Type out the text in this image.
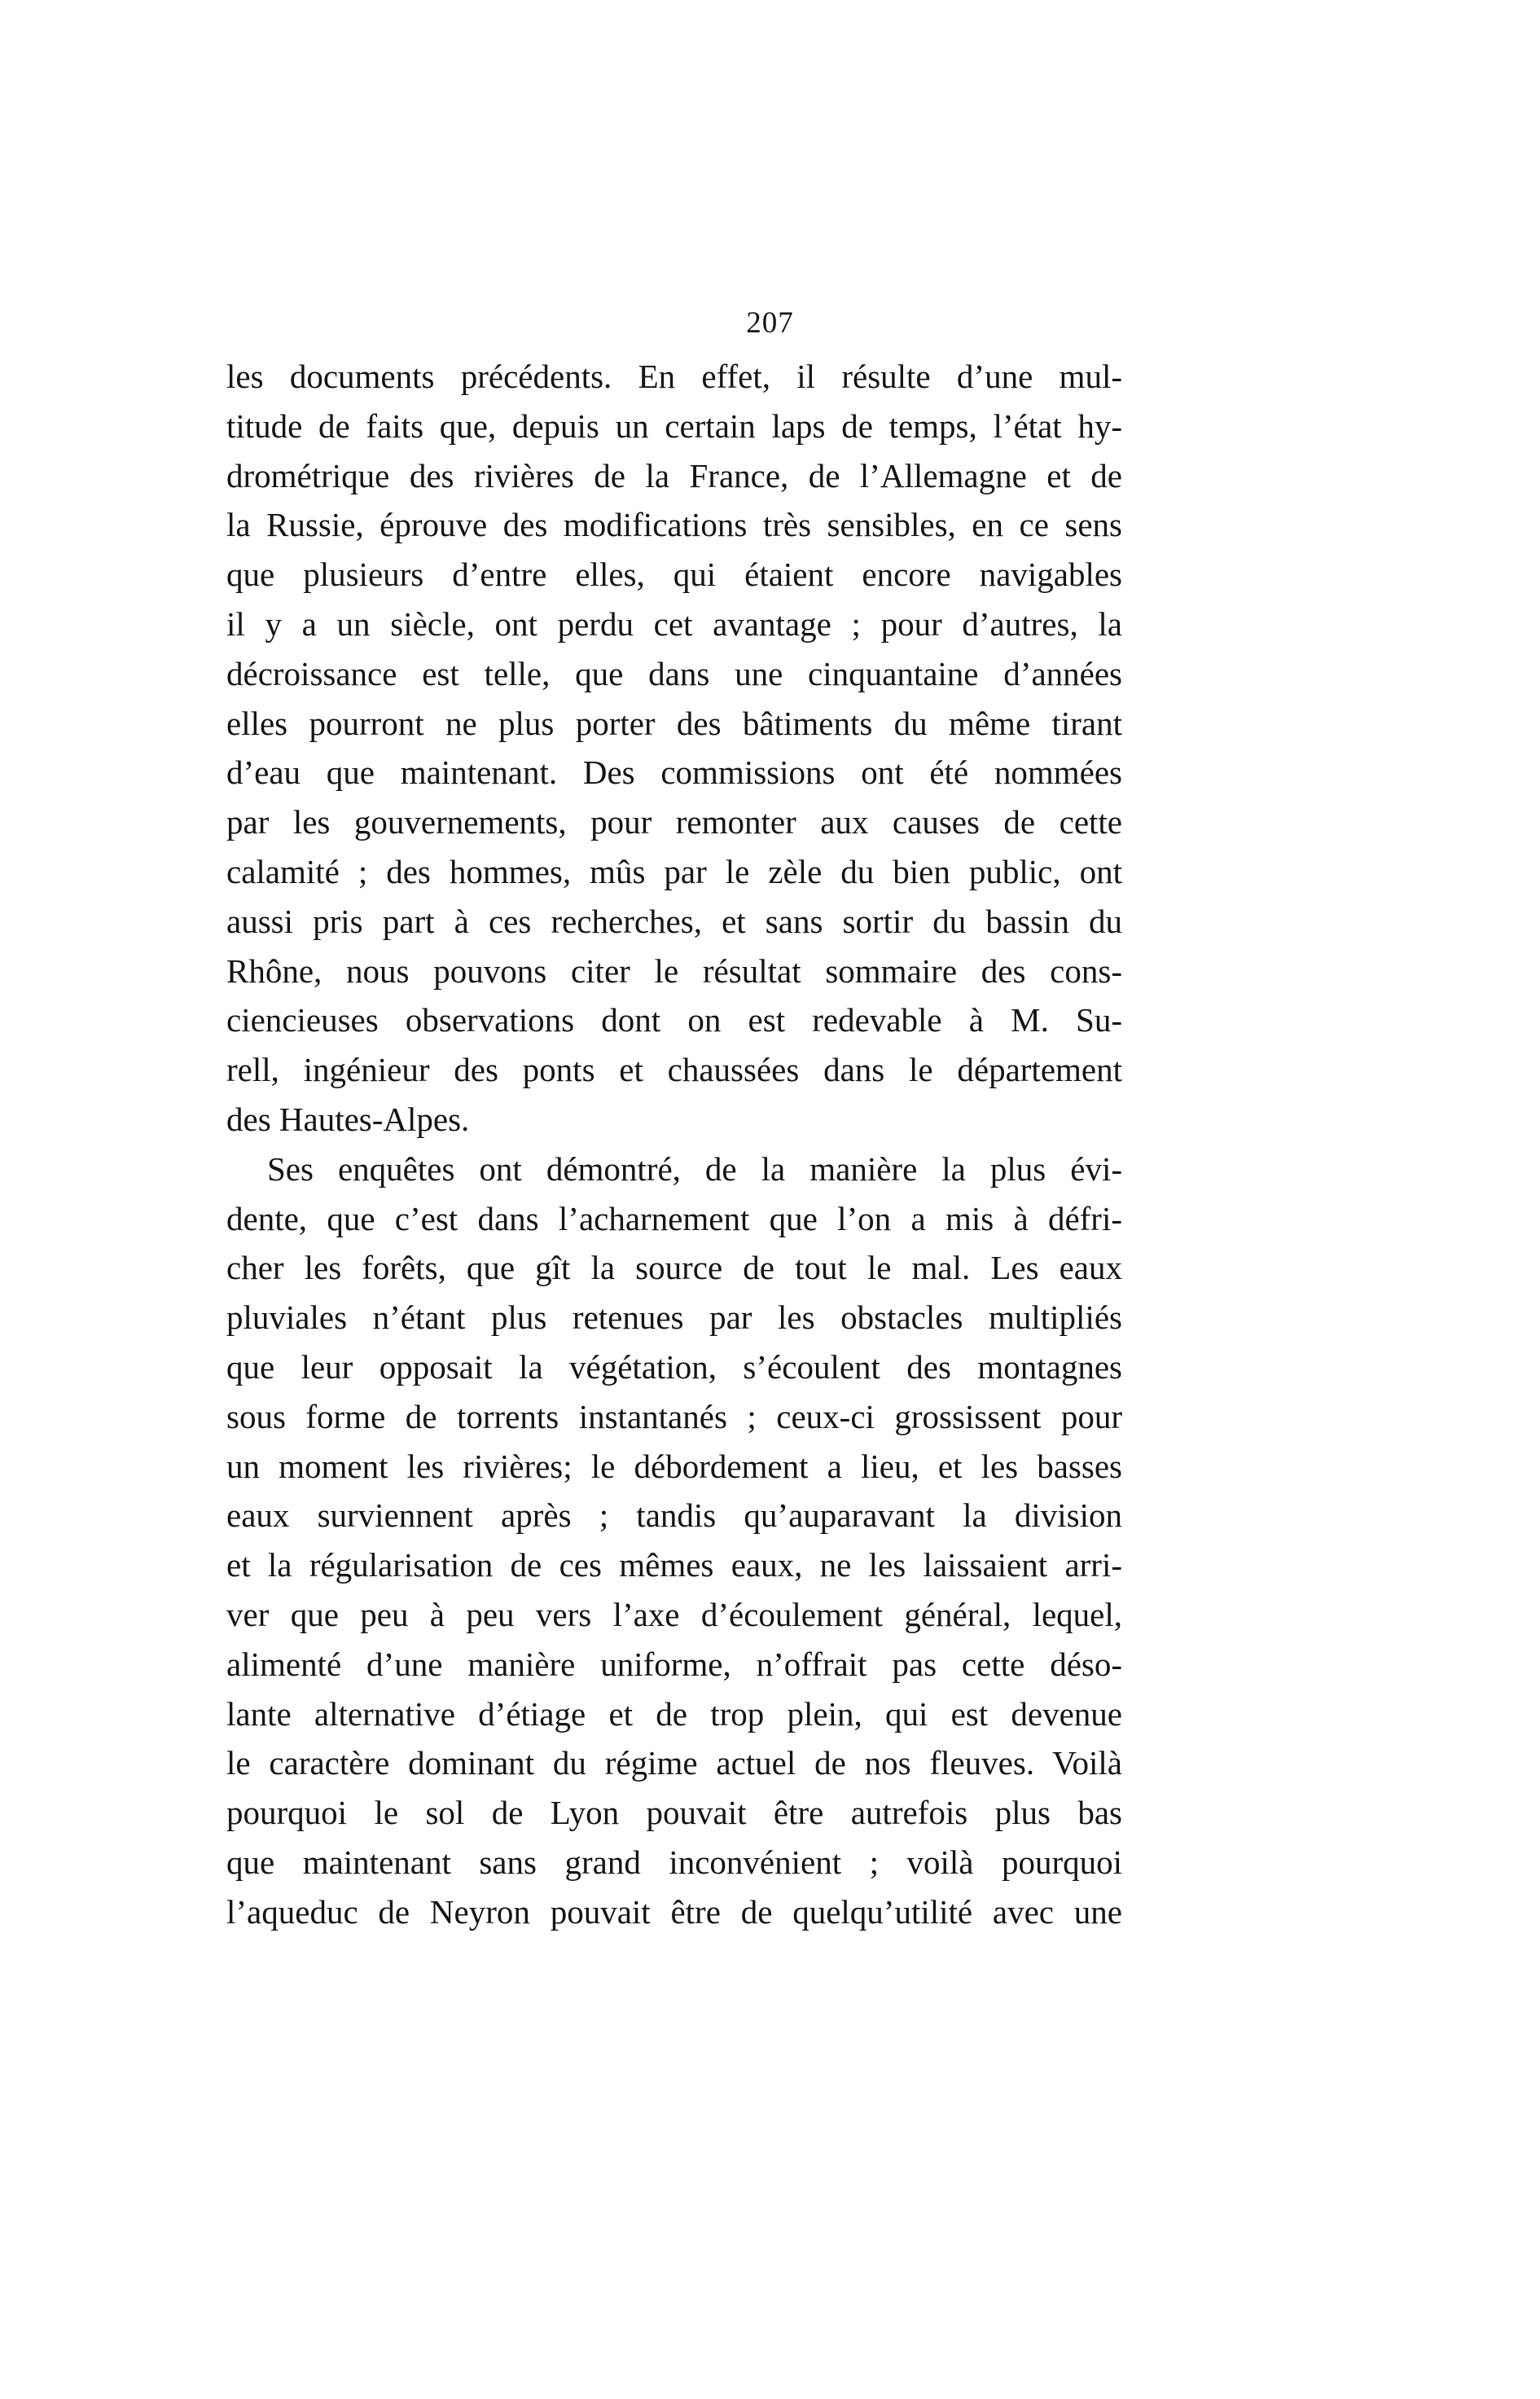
207
les documents précédents. En effet, il résulte d’une mul-
titude de faits que, depuis un certain laps de temps, l’état hy-
drométrique des rivières de la France, de l’Allemagne et de
la Russie, éprouve des modifications très sensibles, en ce sens
que plusieurs d’entre elles, qui étaient encore navigables
il y a un siècle, ont perdu cet avantage ; pour d’autres, la
décroissance est telle, que dans une cinquantaine d’années
elles pourront ne plus porter des bâtiments du même tirant
d’eau que maintenant. Des commissions ont été nommées
par les gouvernements, pour remonter aux causes de cette
calamité ; des hommes, mûs par le zèle du bien public, ont
aussi pris part à ces recherches, et sans sortir du bassin du
Rhône, nous pouvons citer le résultat sommaire des cons-
ciencieuses observations dont on est redevable à M. Su-
rell, ingénieur des ponts et chaussées dans le département
des Hautes-Alpes.
Ses enquêtes ont démontré, de la manière la plus évi-
dente, que c’est dans l’acharnement que l’on a mis à défri-
cher les forêts, que gît la source de tout le mal. Les eaux
pluviales n’étant plus retenues par les obstacles multipliés
que leur opposait la végétation, s’écoulent des montagnes
sous forme de torrents instantanés ; ceux-ci grossissent pour
un moment les rivières; le débordement a lieu, et les basses
eaux surviennent après ; tandis qu’auparavant la division
et la régularisation de ces mêmes eaux, ne les laissaient arri-
ver que peu à peu vers l’axe d’écoulement général, lequel,
alimenté d’une manière uniforme, n’offrait pas cette déso-
lante alternative d’étiage et de trop plein, qui est devenue
le caractère dominant du régime actuel de nos fleuves. Voilà
pourquoi le sol de Lyon pouvait être autrefois plus bas
que maintenant sans grand inconvénient ; voilà pourquoi
l’aqueduc de Neyron pouvait être de quelqu’utilité avec une
